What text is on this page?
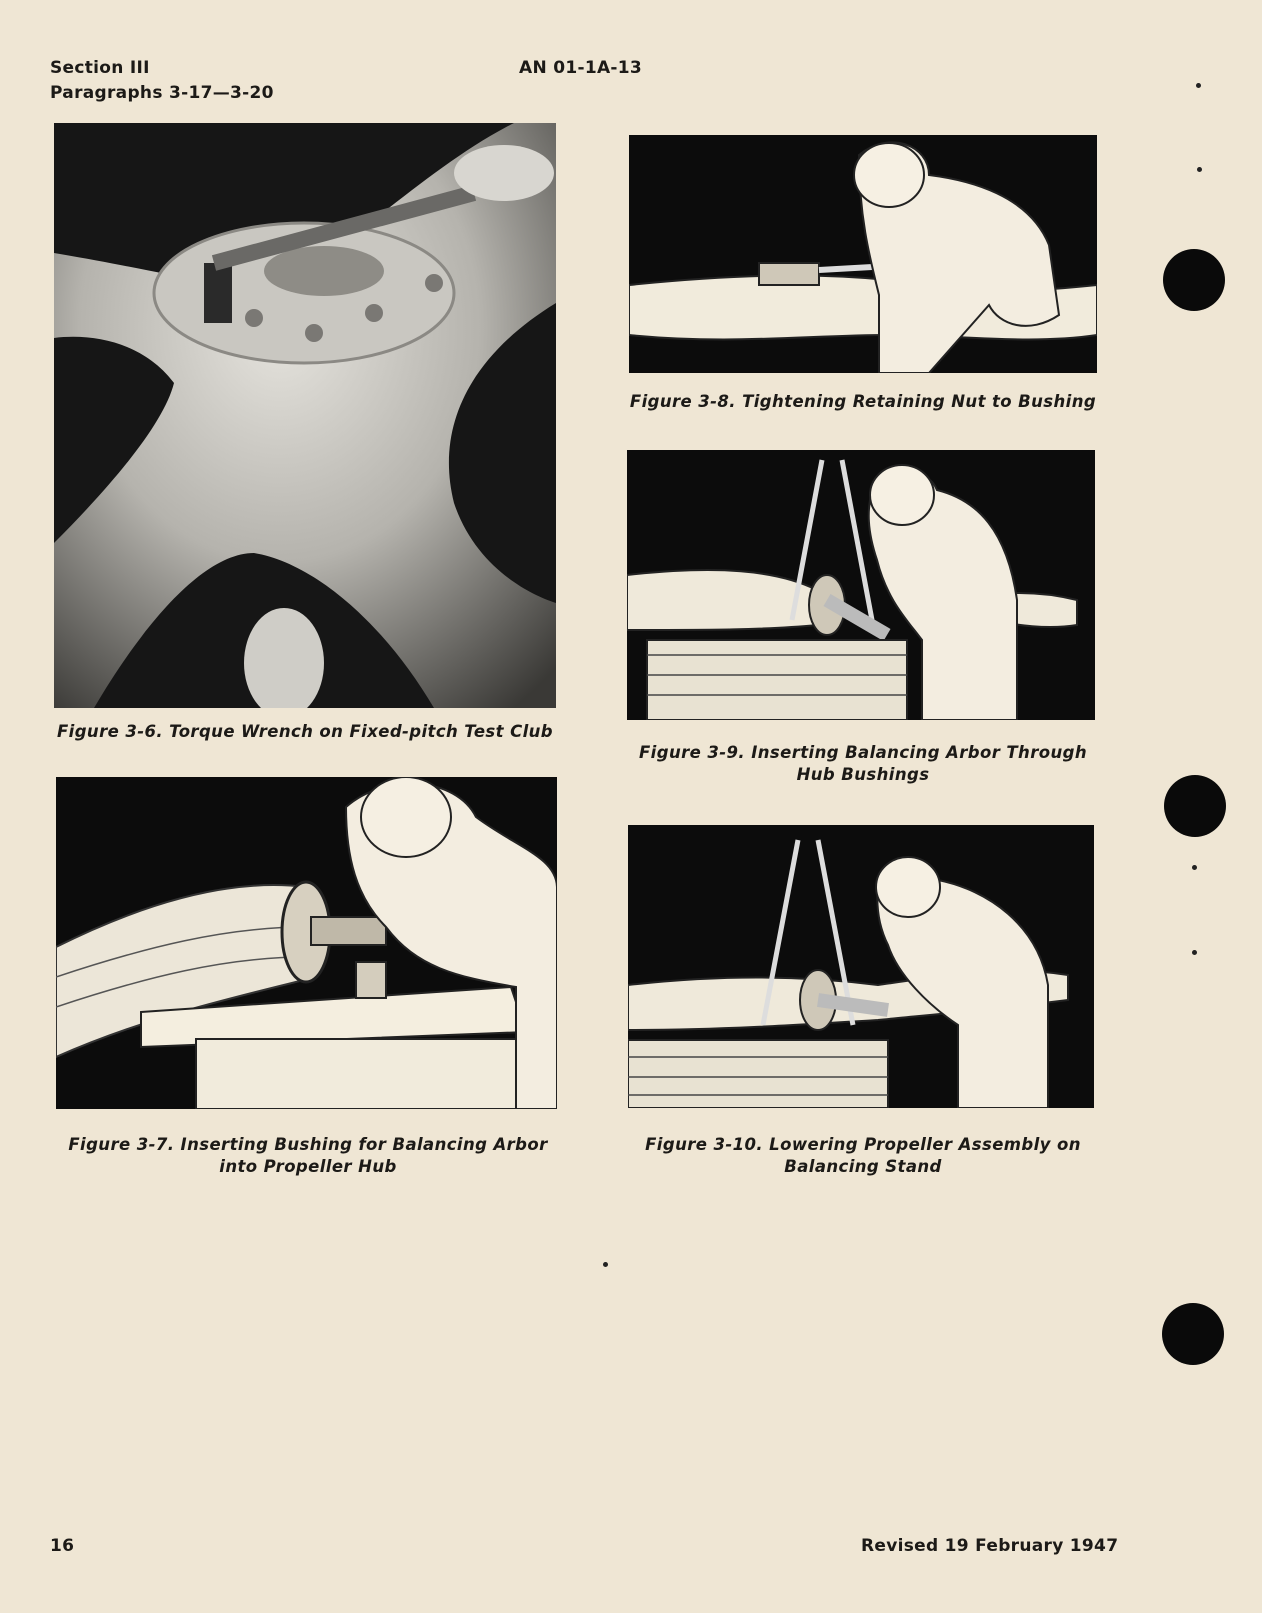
Section III
Paragraphs 3-17—3-20
AN 01-1A-13
Figure 3-6. Torque Wrench on Fixed-pitch Test Club
Figure 3-7. Inserting Bushing for Balancing Arbor
into Propeller Hub
Figure 3-8. Tightening Retaining Nut to Bushing
Figure 3-9. Inserting Balancing Arbor Through
Hub Bushings
Figure 3-10. Lowering Propeller Assembly on
Balancing Stand
16	Revised 19 February 1947
